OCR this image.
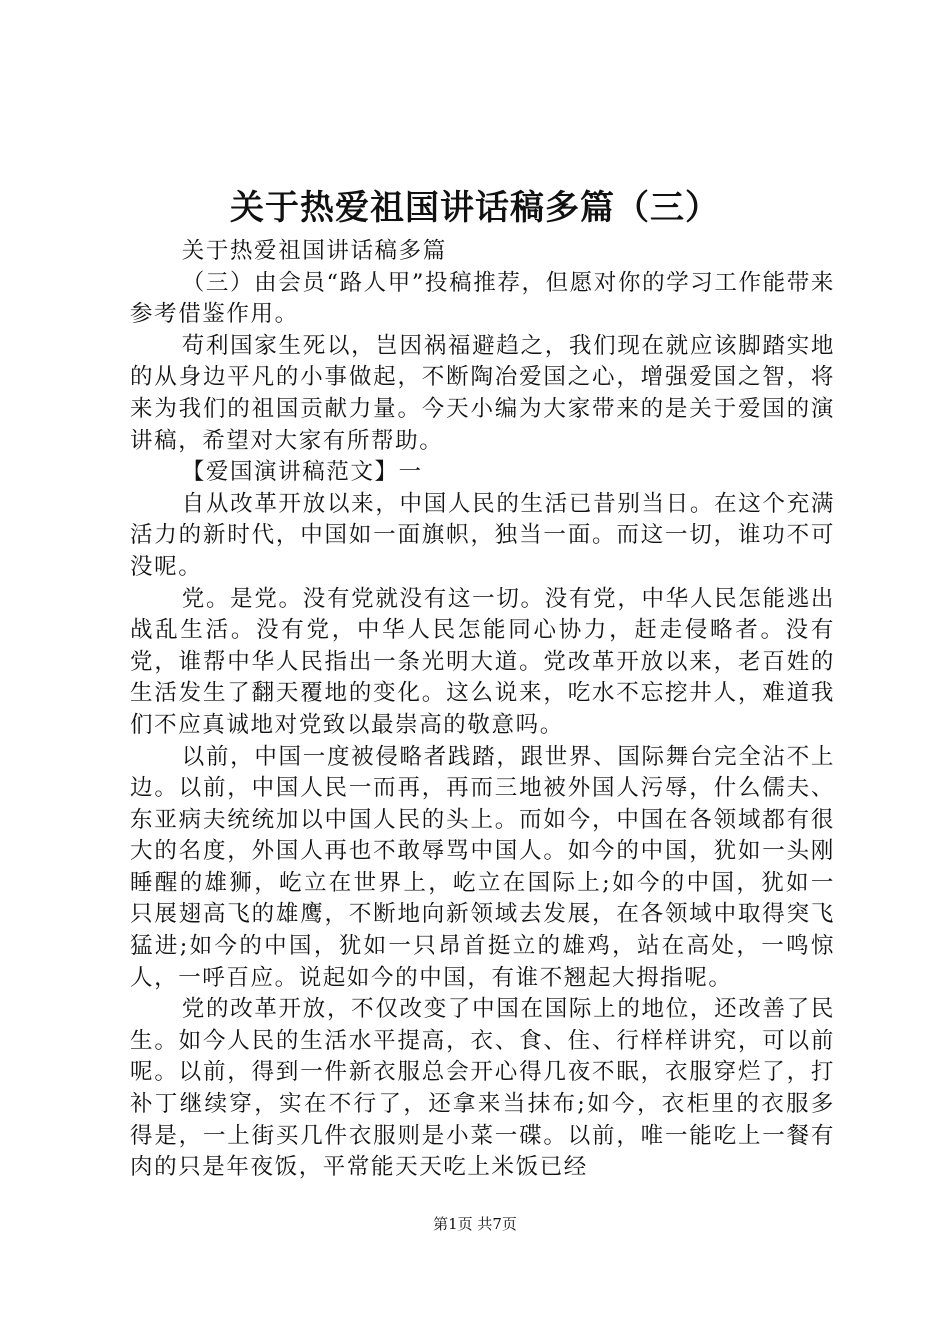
关于热爱祖国讲话稿多篇（三）

关于热爱祖国讲话稿多篇

（三）由会员“路人甲”投稿推荐，但愿对你的学习工作能带来参考借鉴作用。

苟利国家生死以，岂因祸福避趋之，我们现在就应该脚踏实地的从身边平凡的小事做起，不断陶冶爱国之心，增强爱国之智，将来为我们的祖国贡献力量。今天小编为大家带来的是关于爱国的演讲稿，希望对大家有所帮助。

【爱国演讲稿范文】一

自从改革开放以来，中国人民的生活已昔别当日。在这个充满活力的新时代，中国如一面旗帜，独当一面。而这一切，谁功不可没呢。

党。是党。没有党就没有这一切。没有党，中华人民怎能逃出战乱生活。没有党，中华人民怎能同心协力，赶走侵略者。没有党，谁帮中华人民指出一条光明大道。党改革开放以来，老百姓的生活发生了翻天覆地的变化。这么说来，吃水不忘挖井人，难道我们不应真诚地对党致以最崇高的敬意吗。

以前，中国一度被侵略者践踏，跟世界、国际舞台完全沾不上边。以前，中国人民一而再，再而三地被外国人污辱，什么儒夫、东亚病夫统统加以中国人民的头上。而如今，中国在各领域都有很大的名度，外国人再也不敢辱骂中国人。如今的中国，犹如一头刚睡醒的雄狮，屹立在世界上，屹立在国际上;如今的中国，犹如一只展翅高飞的雄鹰，不断地向新领域去发展，在各领域中取得突飞猛进;如今的中国，犹如一只昂首挺立的雄鸡，站在高处，一鸣惊人，一呼百应。说起如今的中国，有谁不翘起大拇指呢。

党的改革开放，不仅改变了中国在国际上的地位，还改善了民生。如今人民的生活水平提高，衣、食、住、行样样讲究，可以前呢。以前，得到一件新衣服总会开心得几夜不眠，衣服穿烂了，打补丁继续穿，实在不行了，还拿来当抹布;如今，衣柜里的衣服多得是，一上街买几件衣服则是小菜一碟。以前，唯一能吃上一餐有肉的只是年夜饭，平常能天天吃上米饭已经

第1页 共7页
